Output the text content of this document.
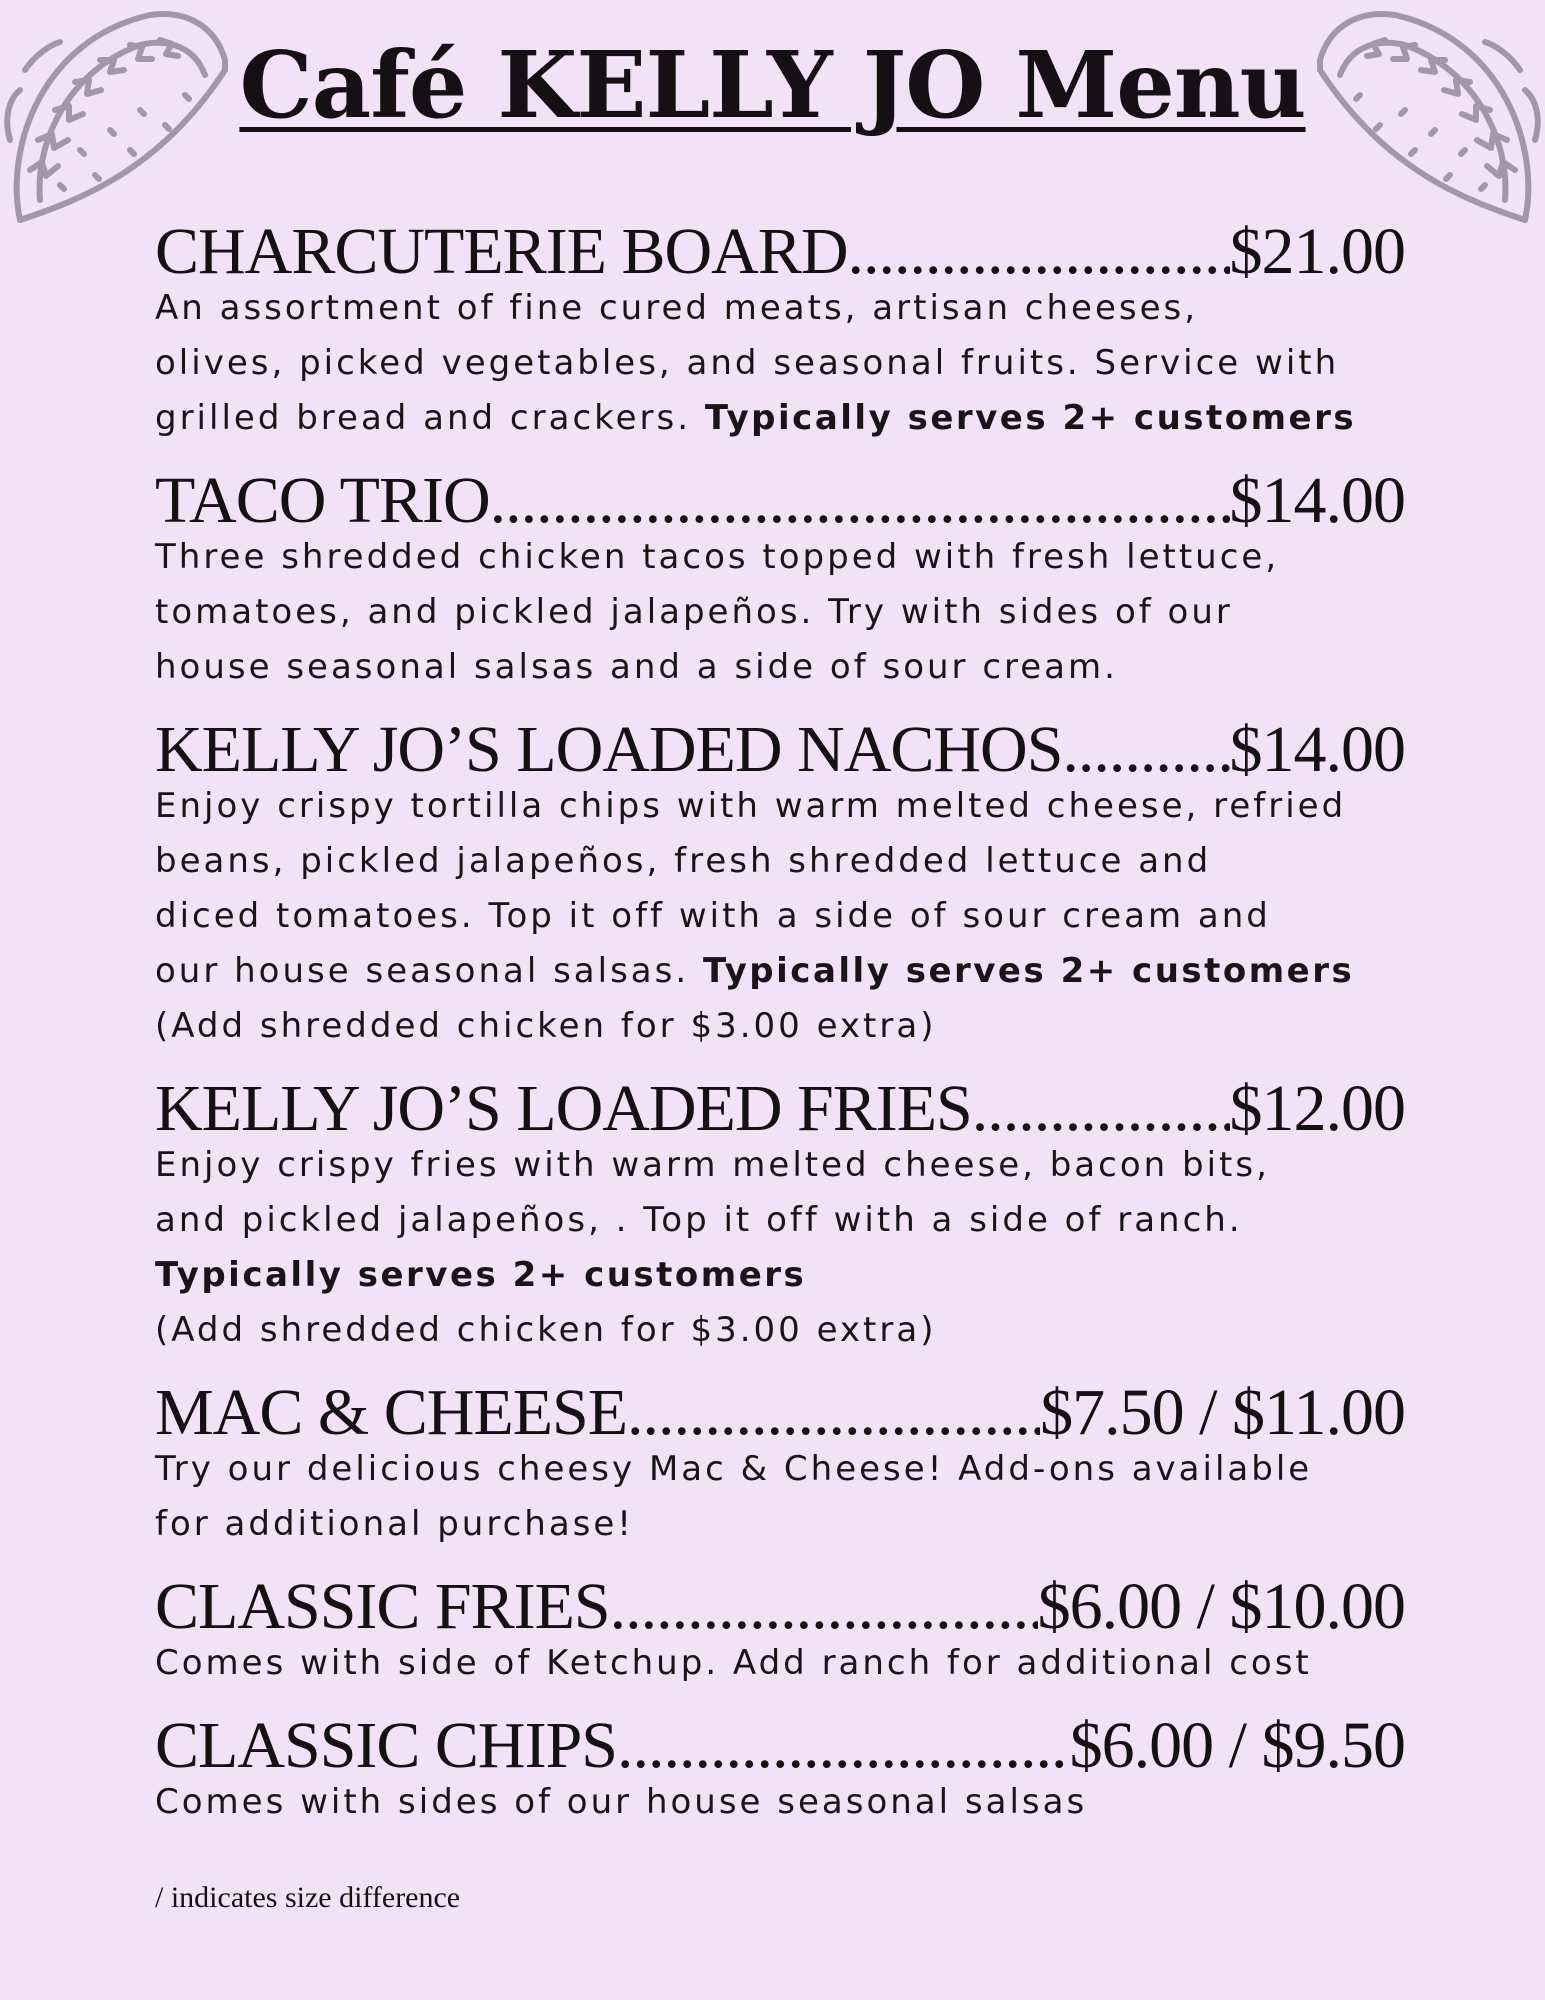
Café KELLY JO Menu
CHARCUTERIE BOARD .....	$21.00
An assortment of fine cured meats, artisan cheeses,
olives, picked vegetables, and seasonal fruits. Service with
grilled bread and crackers. Typically serves 2+ customers
TACO TRIO .....	$14.00
Three shredded chicken tacos topped with fresh lettuce,
tomatoes, and pickled jalapeños. Try with sides of our
house seasonal salsas and a side of sour cream.
KELLY JO’S LOADED NACHOS .....	$14.00
Enjoy crispy tortilla chips with warm melted cheese, refried
beans, pickled jalapeños, fresh shredded lettuce and
diced tomatoes. Top it off with a side of sour cream and
our house seasonal salsas. Typically serves 2+ customers
(Add shredded chicken for $3.00 extra)
KELLY JO’S LOADED FRIES .....	$12.00
Enjoy crispy fries with warm melted cheese, bacon bits,
and pickled jalapeños, . Top it off with a side of ranch.
Typically serves 2+ customers
(Add shredded chicken for $3.00 extra)
MAC & CHEESE .....	$7.50 / $11.00
Try our delicious cheesy Mac & Cheese! Add-ons available
for additional purchase!
CLASSIC FRIES .....	$6.00 / $10.00
Comes with side of Ketchup. Add ranch for additional cost
CLASSIC CHIPS .....	$6.00 / $9.50
Comes with sides of our house seasonal salsas
/ indicates size difference
